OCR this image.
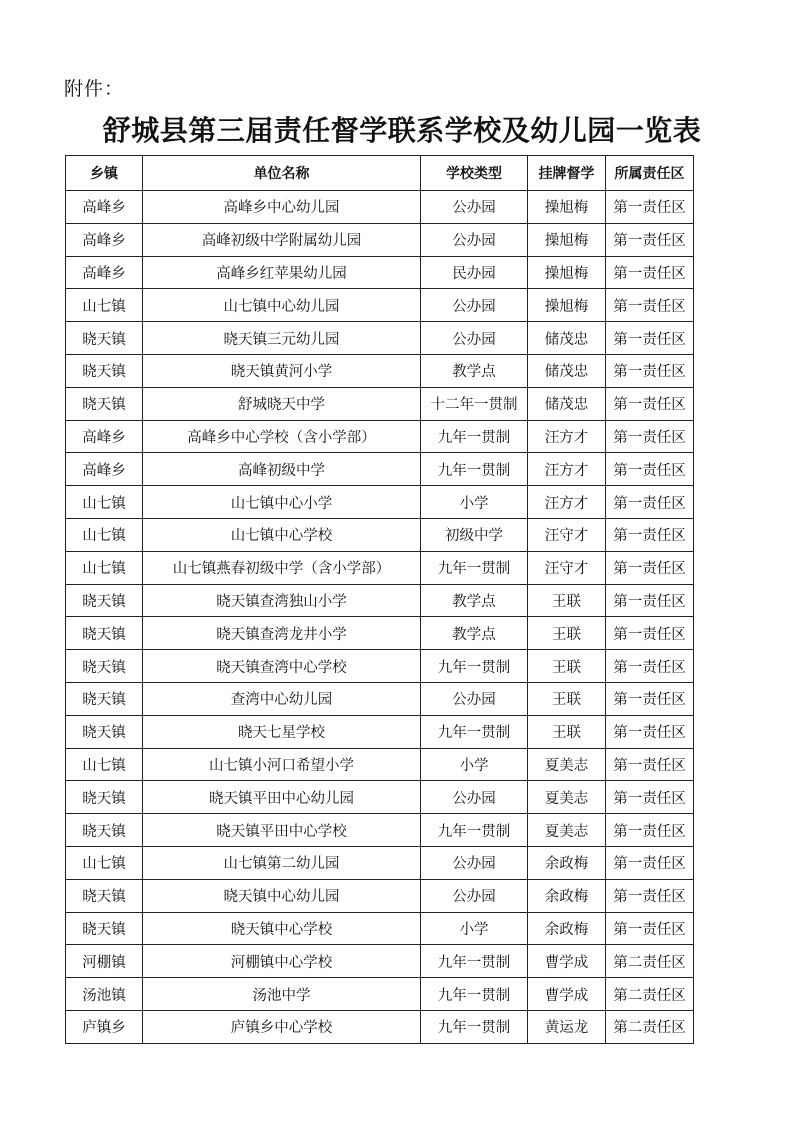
附件：
舒城县第三届责任督学联系学校及幼儿园一览表
乡镇	单位名称	学校类型	挂牌督学	所属责任区
高峰乡	高峰乡中心幼儿园	公办园	操旭梅	第一责任区
高峰乡	高峰初级中学附属幼儿园	公办园	操旭梅	第一责任区
高峰乡	高峰乡红苹果幼儿园	民办园	操旭梅	第一责任区
山七镇	山七镇中心幼儿园	公办园	操旭梅	第一责任区
晓天镇	晓天镇三元幼儿园	公办园	储茂忠	第一责任区
晓天镇	晓天镇黄河小学	教学点	储茂忠	第一责任区
晓天镇	舒城晓天中学	十二年一贯制	储茂忠	第一责任区
高峰乡	高峰乡中心学校（含小学部）	九年一贯制	汪方才	第一责任区
高峰乡	高峰初级中学	九年一贯制	汪方才	第一责任区
山七镇	山七镇中心小学	小学	汪方才	第一责任区
山七镇	山七镇中心学校	初级中学	汪守才	第一责任区
山七镇	山七镇燕春初级中学（含小学部）	九年一贯制	汪守才	第一责任区
晓天镇	晓天镇查湾独山小学	教学点	王联	第一责任区
晓天镇	晓天镇查湾龙井小学	教学点	王联	第一责任区
晓天镇	晓天镇查湾中心学校	九年一贯制	王联	第一责任区
晓天镇	查湾中心幼儿园	公办园	王联	第一责任区
晓天镇	晓天七星学校	九年一贯制	王联	第一责任区
山七镇	山七镇小河口希望小学	小学	夏美志	第一责任区
晓天镇	晓天镇平田中心幼儿园	公办园	夏美志	第一责任区
晓天镇	晓天镇平田中心学校	九年一贯制	夏美志	第一责任区
山七镇	山七镇第二幼儿园	公办园	余政梅	第一责任区
晓天镇	晓天镇中心幼儿园	公办园	余政梅	第一责任区
晓天镇	晓天镇中心学校	小学	余政梅	第一责任区
河棚镇	河棚镇中心学校	九年一贯制	曹学成	第二责任区
汤池镇	汤池中学	九年一贯制	曹学成	第二责任区
庐镇乡	庐镇乡中心学校	九年一贯制	黄运龙	第二责任区
